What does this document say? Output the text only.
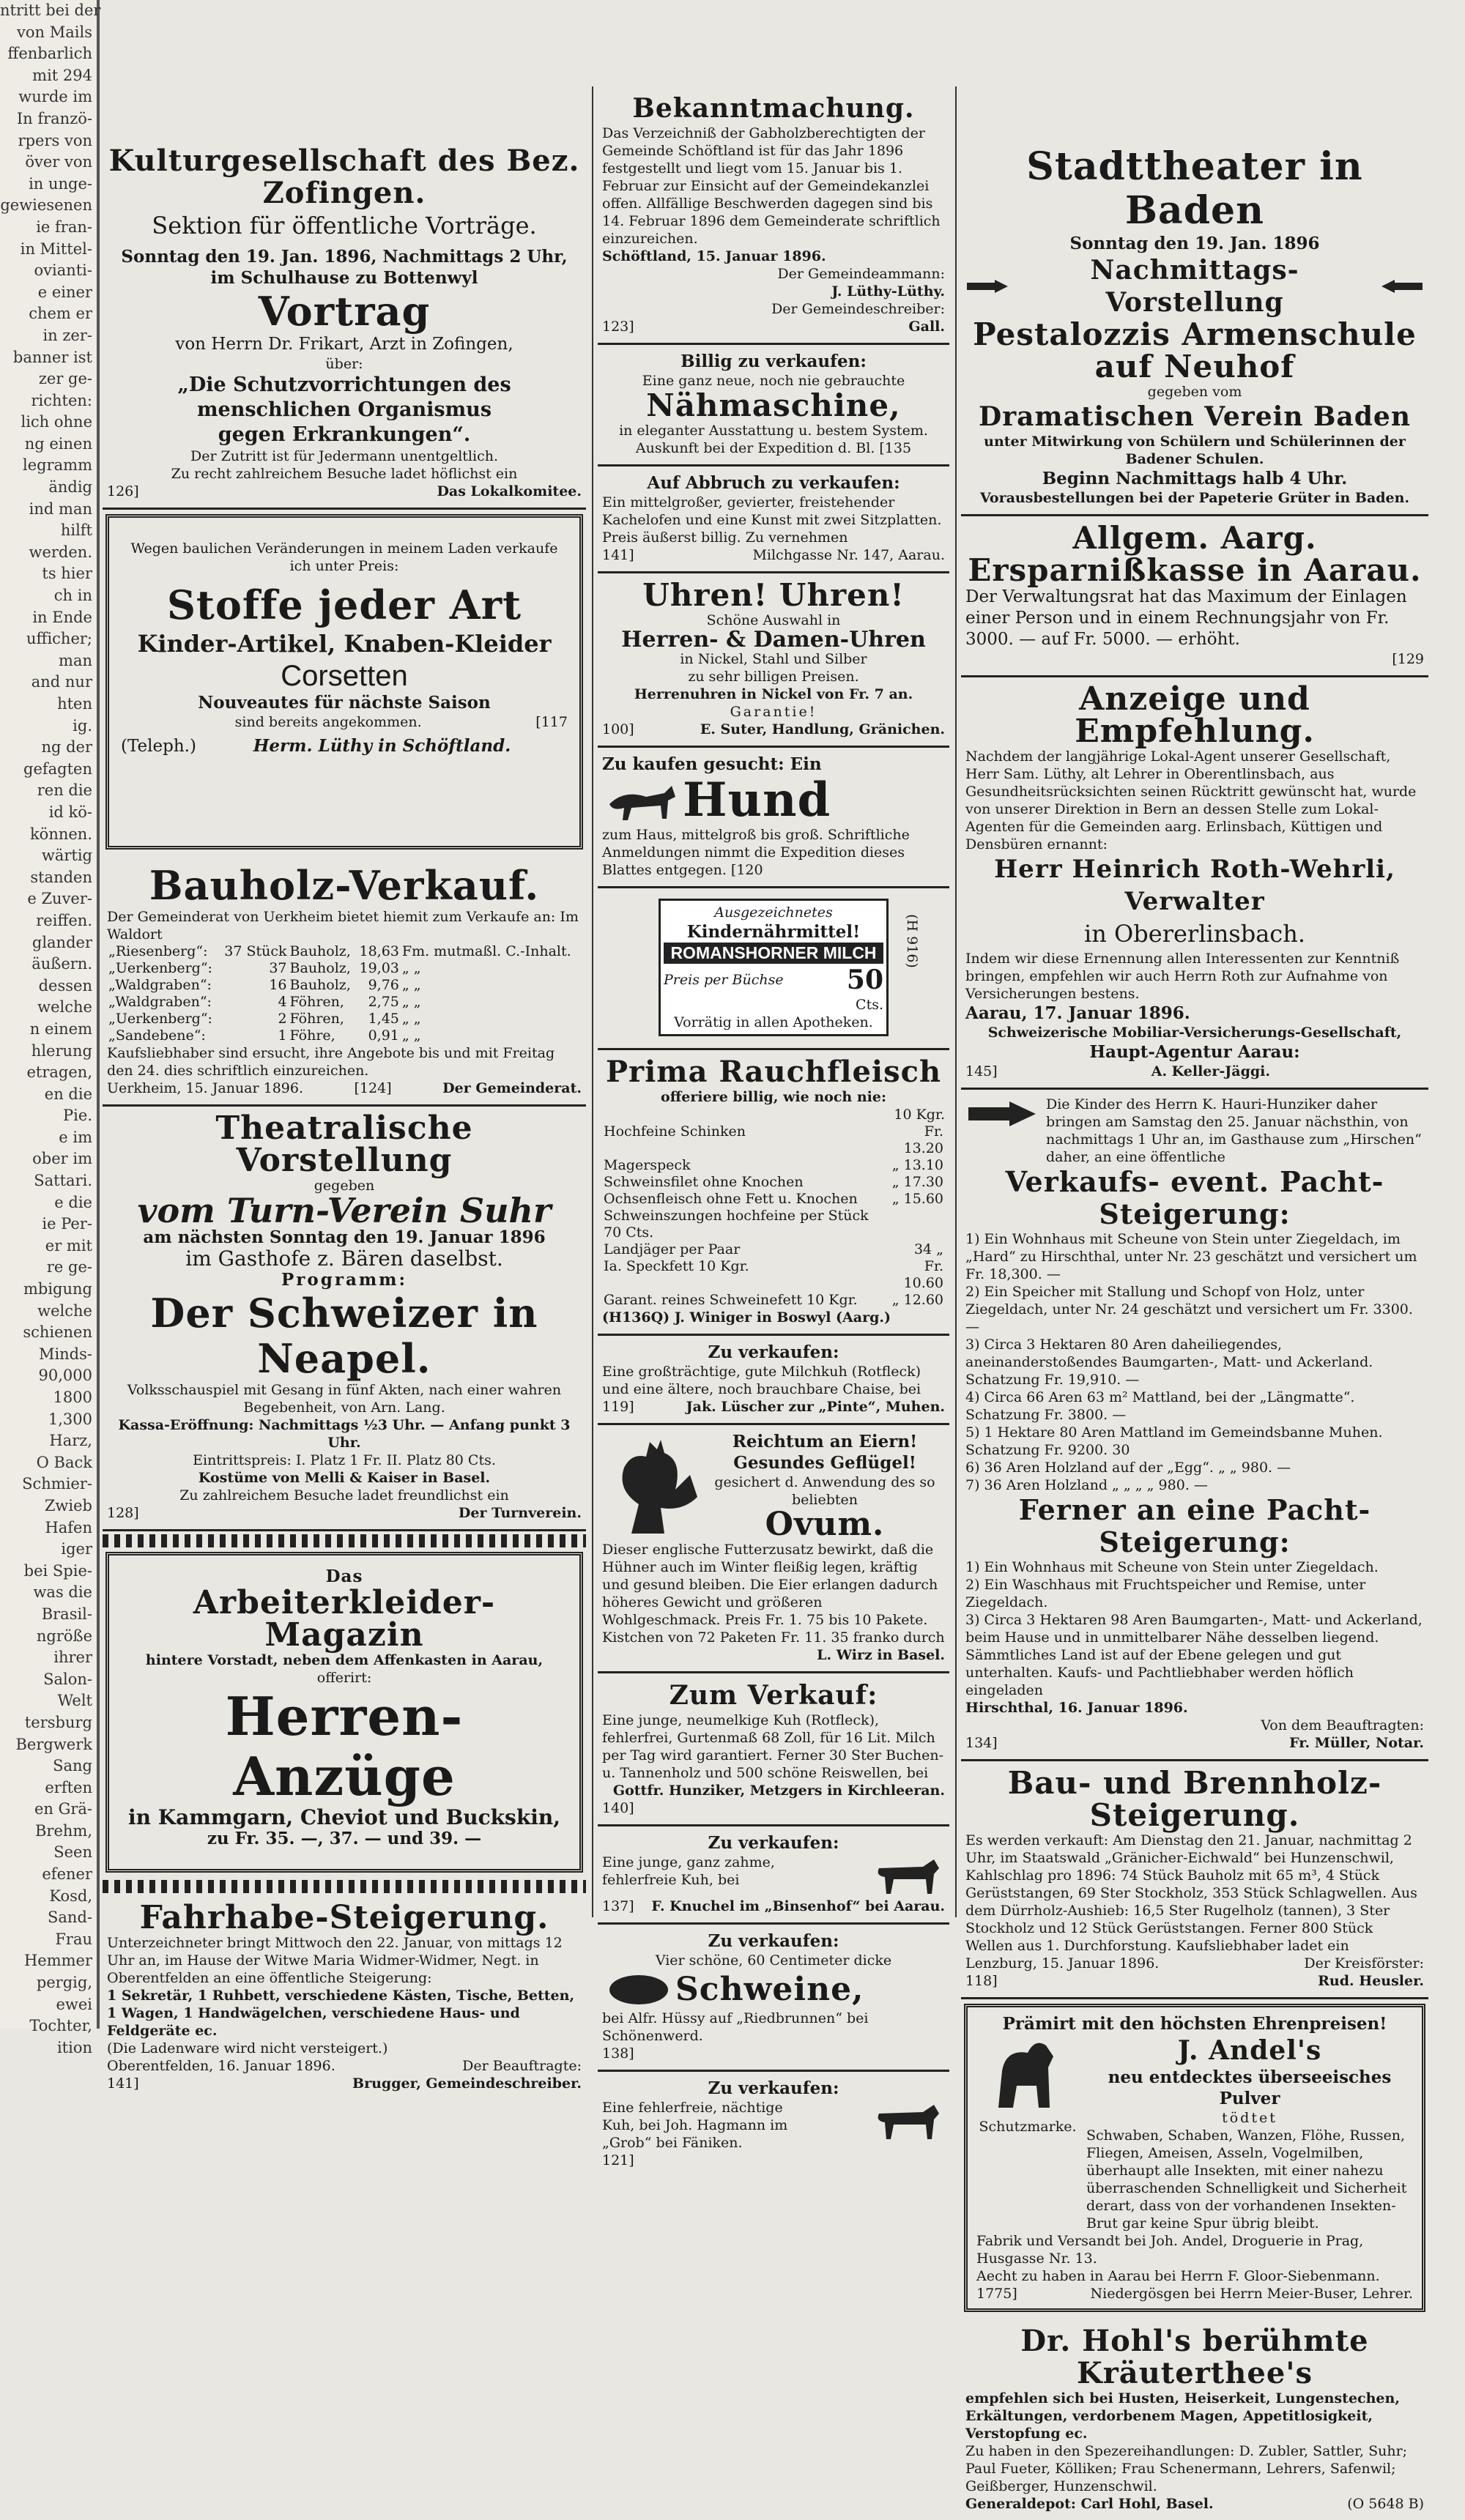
ntritt bei der
von Mails
ffenbarlich
mit 294
wurde im
In franzö-
rpers von
över von
in unge-
gewiesenen
ie fran-
in Mittel-
ovianti-
e einer
chem er
in zer-
banner ist
zer ge-
richten:
lich ohne
ng einen
legramm
ändig
ind man
hilft
werden.
ts hier
ch in
in Ende
ufficher;
man
and nur
hten
ig.
ng der
gefagten
ren die
id kö-
können.
wärtig
standen
e Zuver-
reiffen.
glander
äußern.
dessen
welche
n einem
hlerung
etragen,
en die
Pie.
e im
ober im
Sattari.
e die
ie Per-
er mit
re ge-
mbigung
welche
schienen
Minds-
90,000
1800
1,300
Harz,
O Back
Schmier-
Zwieb
Hafen
iger
bei Spie-
was die
Brasil-
ngröße
ihrer
Salon-
Welt
tersburg
Bergwerk
Sang
erften
en Grä-
Brehm,
Seen
efener
Kosd,
Sand-
Frau
Hemmer
pergig,
ewei
Tochter,
ition
Kulturgesellschaft des Bez. Zofingen.
Sektion für öffentliche Vorträge.
Sonntag den 19. Jan. 1896, Nachmittags 2 Uhr,
im Schulhause zu Bottenwyl
Vortrag
von Herrn Dr. Frikart, Arzt in Zofingen,
über:
„Die Schutzvorrichtungen des menschlichen Organismus
gegen Erkrankungen“.
Der Zutritt ist für Jedermann unentgeltlich.
Zu recht zahlreichem Besuche ladet höflichst ein
126]	Das Lokalkomitee.
Wegen baulichen Veränderungen in meinem Laden verkaufe ich unter Preis:
Stoffe jeder Art
Kinder-Artikel, Knaben-Kleider
Corsetten
Nouveautes für nächste Saison
sind bereits angekommen.	[117
(Teleph.)	Herm. Lüthy in Schöftland.
Bauholz-Verkauf.
Der Gemeinderat von Uerkheim bietet hiemit zum Verkaufe an: Im Waldort
„Riesenberg“:	37 Stück	Bauholz,	18,63	Fm. mutmaßl. C.-Inhalt.
„Uerkenberg“:	37	Bauholz,	19,03	„ „
„Waldgraben“:	16	Bauholz,	9,76	„ „
„Waldgraben“:	4	Föhren,	2,75	„ „
„Uerkenberg“:	2	Föhren,	1,45	„ „
„Sandebene“:	1	Föhre,	0,91	„ „
Kaufsliebhaber sind ersucht, ihre Angebote bis und mit Freitag den 24. dies schriftlich einzureichen.
Uerkheim, 15. Januar 1896.	[124]	Der Gemeinderat.
Theatralische Vorstellung
gegeben
vom Turn-Verein Suhr
am nächsten Sonntag den 19. Januar 1896
im Gasthofe z. Bären daselbst.
Programm:
Der Schweizer in Neapel.
Volksschauspiel mit Gesang in fünf Akten, nach einer wahren Begebenheit, von Arn. Lang.
Kassa-Eröffnung: Nachmittags ½3 Uhr. — Anfang punkt 3 Uhr.
Eintrittspreis: I. Platz 1 Fr. II. Platz 80 Cts.
Kostüme von Melli & Kaiser in Basel.
Zu zahlreichem Besuche ladet freundlichst ein
128]	Der Turnverein.
Das
Arbeiterkleider-Magazin
hintere Vorstadt, neben dem Affenkasten in Aarau,
offerirt:
Herren-Anzüge
in Kammgarn, Cheviot und Buckskin,
zu Fr. 35. —, 37. — und 39. —
Fahrhabe-Steigerung.
Unterzeichneter bringt Mittwoch den 22. Januar, von mittags 12 Uhr an, im Hause der Witwe Maria Widmer-Widmer, Negt. in Oberentfelden an eine öffentliche Steigerung:
1 Sekretär, 1 Ruhbett, verschiedene Kästen, Tische, Betten, 1 Wagen, 1 Handwägelchen, verschiedene Haus- und Feldgeräte ec.
(Die Ladenware wird nicht versteigert.)
Oberentfelden, 16. Januar 1896.	Der Beauftragte:
141]	Brugger, Gemeindeschreiber.
Bekanntmachung.
Das Verzeichniß der Gabholzberechtigten der Gemeinde Schöftland ist für das Jahr 1896 festgestellt und liegt vom 15. Januar bis 1. Februar zur Einsicht auf der Gemeindekanzlei offen. Allfällige Beschwerden dagegen sind bis 14. Februar 1896 dem Gemeinderate schriftlich einzureichen.
Schöftland, 15. Januar 1896.
Der Gemeindeammann:
J. Lüthy-Lüthy.
Der Gemeindeschreiber:
123]	Gall.
Billig zu verkaufen:
Eine ganz neue, noch nie gebrauchte
Nähmaschine,
in eleganter Ausstattung u. bestem System. Auskunft bei der Expedition d. Bl. [135
Auf Abbruch zu verkaufen:
Ein mittelgroßer, gevierter, freistehender Kachelofen und eine Kunst mit zwei Sitzplatten. Preis äußerst billig. Zu vernehmen
141]	Milchgasse Nr. 147, Aarau.
Uhren! Uhren!
Schöne Auswahl in
Herren- & Damen-Uhren
in Nickel, Stahl und Silber
zu sehr billigen Preisen.
Herrenuhren in Nickel von Fr. 7 an.
Garantie!
100]	E. Suter, Handlung, Gränichen.
Zu kaufen gesucht: Ein
Hund
zum Haus, mittelgroß bis groß. Schriftliche Anmeldungen nimmt die Expedition dieses Blattes entgegen. [120
Ausgezeichnetes
Kindernährmittel!
ROMANSHORNER MILCH
Preis per Büchse 50
Cts.
Vorrätig in allen Apotheken.
(H 916)
Prima Rauchfleisch
offeriere billig, wie noch nie:
10 Kgr.
Hochfeine Schinken	Fr. 13.20
Magerspeck	„ 13.10
Schweinsfilet ohne Knochen	„ 17.30
Ochsenfleisch ohne Fett u. Knochen	„ 15.60
Schweinszungen hochfeine per Stück 70 Cts.	
Landjäger per Paar	34 „
Ia. Speckfett 10 Kgr.	Fr. 10.60
Garant. reines Schweinefett 10 Kgr.	„ 12.60
(H136Q) J. Winiger in Boswyl (Aarg.)
Zu verkaufen:
Eine großträchtige, gute Milchkuh (Rotfleck) und eine ältere, noch brauchbare Chaise, bei
119]	Jak. Lüscher zur „Pinte“, Muhen.
Reichtum an Eiern!
Gesundes Geflügel!
gesichert d. Anwendung des so beliebten
Ovum.
Dieser englische Futterzusatz bewirkt, daß die Hühner auch im Winter fleißig legen, kräftig und gesund bleiben. Die Eier erlangen dadurch höheres Gewicht und größeren Wohlgeschmack. Preis Fr. 1. 75 bis 10 Pakete. Kistchen von 72 Paketen Fr. 11. 35 franko durch
L. Wirz in Basel.
Zum Verkauf:
Eine junge, neumelkige Kuh (Rotfleck), fehlerfrei, Gurtenmaß 68 Zoll, für 16 Lit. Milch per Tag wird garantiert. Ferner 30 Ster Buchen- u. Tannenholz und 500 schöne Reiswellen, bei
Gottfr. Hunziker, Metzgers in Kirchleeran.
140]
Zu verkaufen:
Eine junge, ganz zahme, fehlerfreie Kuh, bei
137] F. Knuchel im „Binsenhof“ bei Aarau.
Zu verkaufen:
Vier schöne, 60 Centimeter dicke
Schweine,
bei Alfr. Hüssy auf „Riedbrunnen“ bei Schönenwerd.
138]
Zu verkaufen:
Eine fehlerfreie, nächtige Kuh, bei Joh. Hagmann im „Grob“ bei Fäniken.
121]
Stadttheater in Baden
Sonntag den 19. Jan. 1896
Nachmittags-Vorstellung
Pestalozzis Armenschule auf Neuhof
gegeben vom
Dramatischen Verein Baden
unter Mitwirkung von Schülern und Schülerinnen der Badener Schulen.
Beginn Nachmittags halb 4 Uhr.
Vorausbestellungen bei der Papeterie Grüter in Baden.
Allgem. Aarg. Ersparnißkasse in Aarau.
Der Verwaltungsrat hat das Maximum der Einlagen einer Person und in einem Rechnungsjahr von Fr. 3000. — auf Fr. 5000. — erhöht.
[129
Anzeige und Empfehlung.
Nachdem der langjährige Lokal-Agent unserer Gesellschaft, Herr Sam. Lüthy, alt Lehrer in Oberentlinsbach, aus Gesundheitsrücksichten seinen Rücktritt gewünscht hat, wurde von unserer Direktion in Bern an dessen Stelle zum Lokal-Agenten für die Gemeinden aarg. Erlinsbach, Küttigen und Densbüren ernannt:
Herr Heinrich Roth-Wehrli, Verwalter
in Obererlinsbach.
Indem wir diese Ernennung allen Interessenten zur Kenntniß bringen, empfehlen wir auch Herrn Roth zur Aufnahme von Versicherungen bestens.
Aarau, 17. Januar 1896.
Schweizerische Mobiliar-Versicherungs-Gesellschaft,
Haupt-Agentur Aarau:
145]	A. Keller-Jäggi.
Die Kinder des Herrn K. Hauri-Hunziker daher bringen am Samstag den 25. Januar nächsthin, von nachmittags 1 Uhr an, im Gasthause zum „Hirschen“ daher, an eine öffentliche
Verkaufs- event. Pacht-Steigerung:
1) Ein Wohnhaus mit Scheune von Stein unter Ziegeldach, im „Hard“ zu Hirschthal, unter Nr. 23 geschätzt und versichert um Fr. 18,300. —
2) Ein Speicher mit Stallung und Schopf von Holz, unter Ziegeldach, unter Nr. 24 geschätzt und versichert um Fr. 3300. —
3) Circa 3 Hektaren 80 Aren daheiliegendes, aneinanderstoßendes Baumgarten-, Matt- und Ackerland. Schatzung Fr. 19,910. —
4) Circa 66 Aren 63 m² Mattland, bei der „Längmatte“. Schatzung Fr. 3800. —
5) 1 Hektare 80 Aren Mattland im Gemeindsbanne Muhen. Schatzung Fr. 9200. 30
6) 36 Aren Holzland auf der „Egg“. „ „ 980. —
7) 36 Aren Holzland „ „ „ „ 980. —
Ferner an eine Pacht-Steigerung:
1) Ein Wohnhaus mit Scheune von Stein unter Ziegeldach.
2) Ein Waschhaus mit Fruchtspeicher und Remise, unter Ziegeldach.
3) Circa 3 Hektaren 98 Aren Baumgarten-, Matt- und Ackerland, beim Hause und in unmittelbarer Nähe desselben liegend.
Sämmtliches Land ist auf der Ebene gelegen und gut unterhalten. Kaufs- und Pachtliebhaber werden höflich eingeladen
Hirschthal, 16. Januar 1896.
Von dem Beauftragten:
134]	Fr. Müller, Notar.
Bau- und Brennholz-Steigerung.
Es werden verkauft: Am Dienstag den 21. Januar, nachmittag 2 Uhr, im Staatswald „Gränicher-Eichwald“ bei Hunzenschwil, Kahlschlag pro 1896: 74 Stück Bauholz mit 65 m³, 4 Stück Gerüststangen, 69 Ster Stockholz, 353 Stück Schlagwellen. Aus dem Dürrholz-Aushieb: 16,5 Ster Rugelholz (tannen), 3 Ster Stockholz und 12 Stück Gerüststangen. Ferner 800 Stück Wellen aus 1. Durchforstung. Kaufsliebhaber ladet ein
Lenzburg, 15. Januar 1896.	Der Kreisförster:
118]	Rud. Heusler.
Prämirt mit den höchsten Ehrenpreisen!
Schutzmarke.
J. Andel's
neu entdecktes überseeisches Pulver
tödtet
Schwaben, Schaben, Wanzen, Flöhe, Russen, Fliegen, Ameisen, Asseln, Vogelmilben, überhaupt alle Insekten, mit einer nahezu überraschenden Schnelligkeit und Sicherheit derart, dass von der vorhandenen Insekten-Brut gar keine Spur übrig bleibt.
Fabrik und Versandt bei Joh. Andel, Droguerie in Prag, Husgasse Nr. 13.
Aecht zu haben in Aarau bei Herrn F. Gloor-Siebenmann.
1775]	Niedergösgen bei Herrn Meier-Buser, Lehrer.
Dr. Hohl's berühmte Kräuterthee's
empfehlen sich bei Husten, Heiserkeit, Lungenstechen, Erkältungen, verdorbenem Magen, Appetitlosigkeit, Verstopfung ec.
Zu haben in den Spezereihandlungen: D. Zubler, Sattler, Suhr; Paul Fueter, Kölliken; Frau Schenermann, Lehrers, Safenwil; Geißberger, Hunzenschwil.
Generaldepot: Carl Hohl, Basel.	(O 5648 B)
